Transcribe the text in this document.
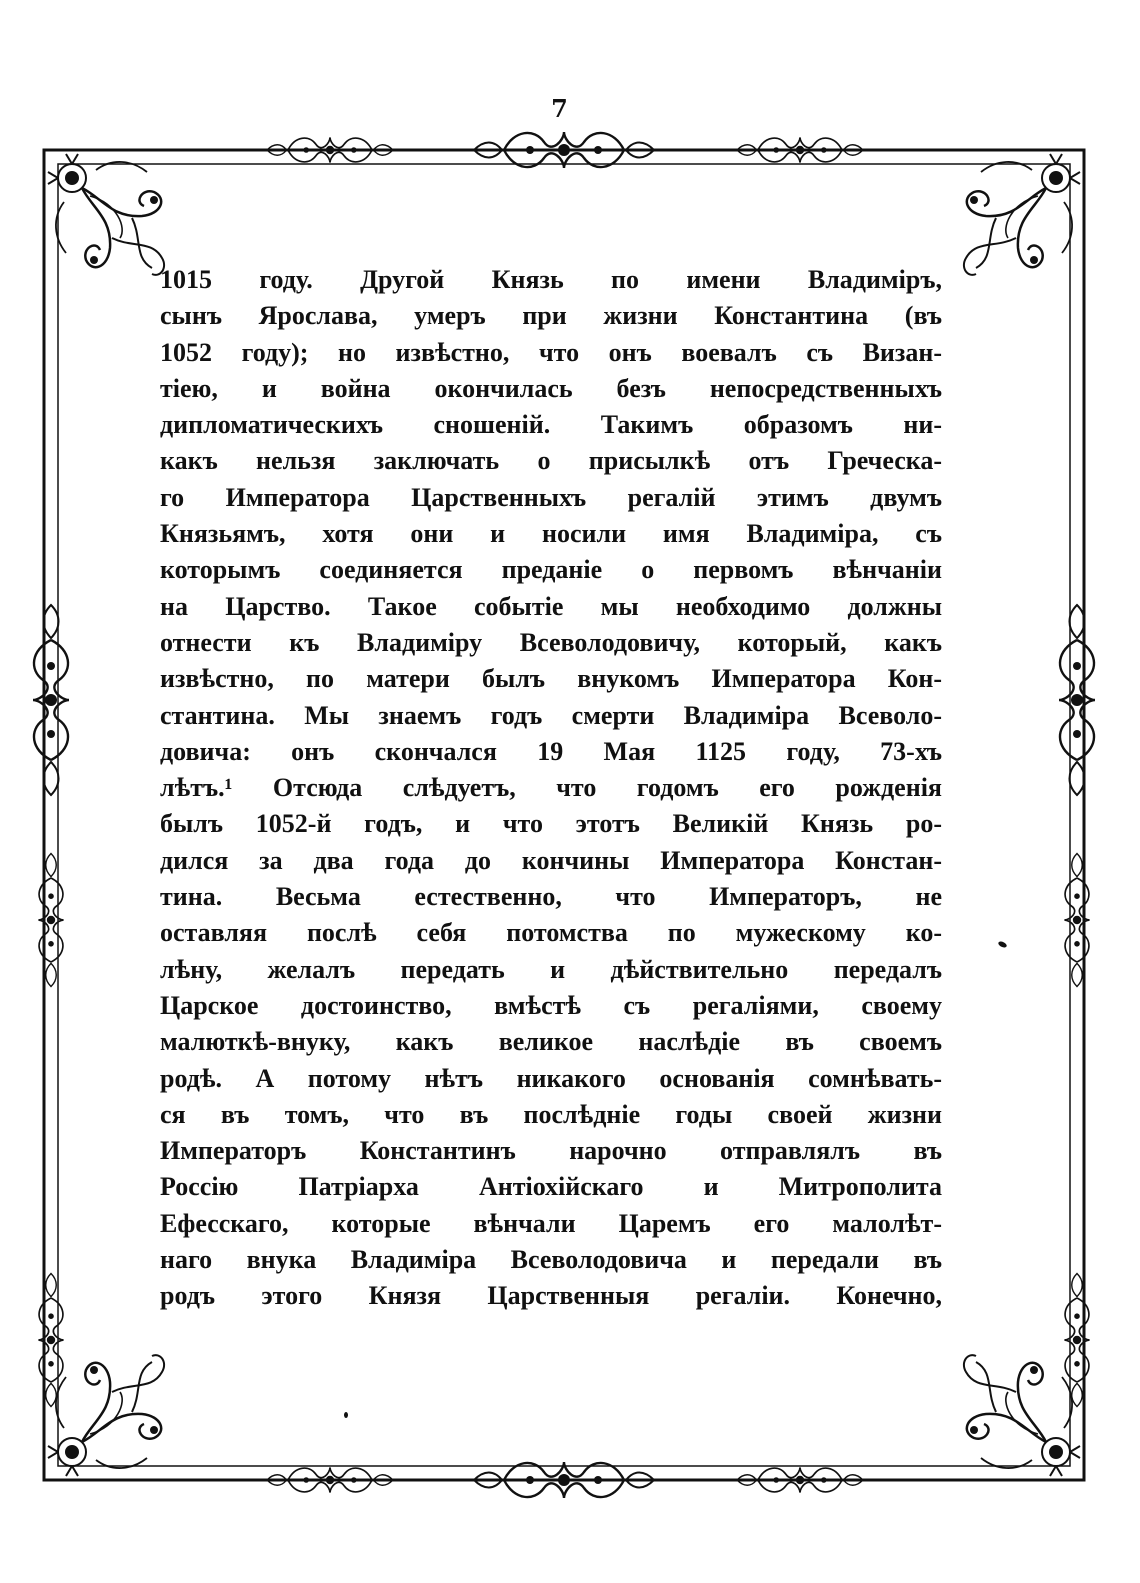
7
1015 году. Другой Князь по имени Владимiръ,
сынъ Ярослава, умеръ при жизни Константина (въ
1052 году); но извѣстно, что онъ воевалъ съ Визан-
тiею, и война окончилась безъ непосредственныхъ
дипломатическихъ сношенiй. Такимъ образомъ ни-
какъ нельзя заключать о присылкѣ отъ Греческа-
го Императора Царственныхъ регалiй этимъ двумъ
Князьямъ, хотя они и носили имя Владимiра, съ
которымъ соединяется преданiе о первомъ вѣнчанiи
на Царство. Такое событiе мы необходимо должны
отнести къ Владимiру Всеволодовичу, который, какъ
извѣстно, по матери былъ внукомъ Императора Кон-
стантина. Мы знаемъ годъ смерти Владимiра Всеволо-
довича: онъ скончался 19 Мая 1125 году, 73-хъ
лѣтъ.¹ Отсюда слѣдуетъ, что годомъ его рожденiя
былъ 1052-й годъ, и что этотъ Великiй Князь ро-
дился за два года до кончины Императора Констан-
тина. Весьма естественно, что Императоръ, не
оставляя послѣ себя потомства по мужескому ко-
лѣну, желалъ передать и дѣйствительно передалъ
Царское достоинство, вмѣстѣ съ регалiями, своему
малюткѣ-внуку, какъ великое наслѣдiе въ своемъ
родѣ. А потому нѣтъ никакого основанiя сомнѣвать-
ся въ томъ, что въ послѣднiе годы своей жизни
Императоръ Константинъ нарочно отправлялъ въ
Россiю Патрiарха Антiохiйскаго и Митрополита
Ефесскаго, которые вѣнчали Царемъ его малолѣт-
наго внука Владимiра Всеволодовича и передали въ
родъ этого Князя Царственныя регалiи. Конечно,
